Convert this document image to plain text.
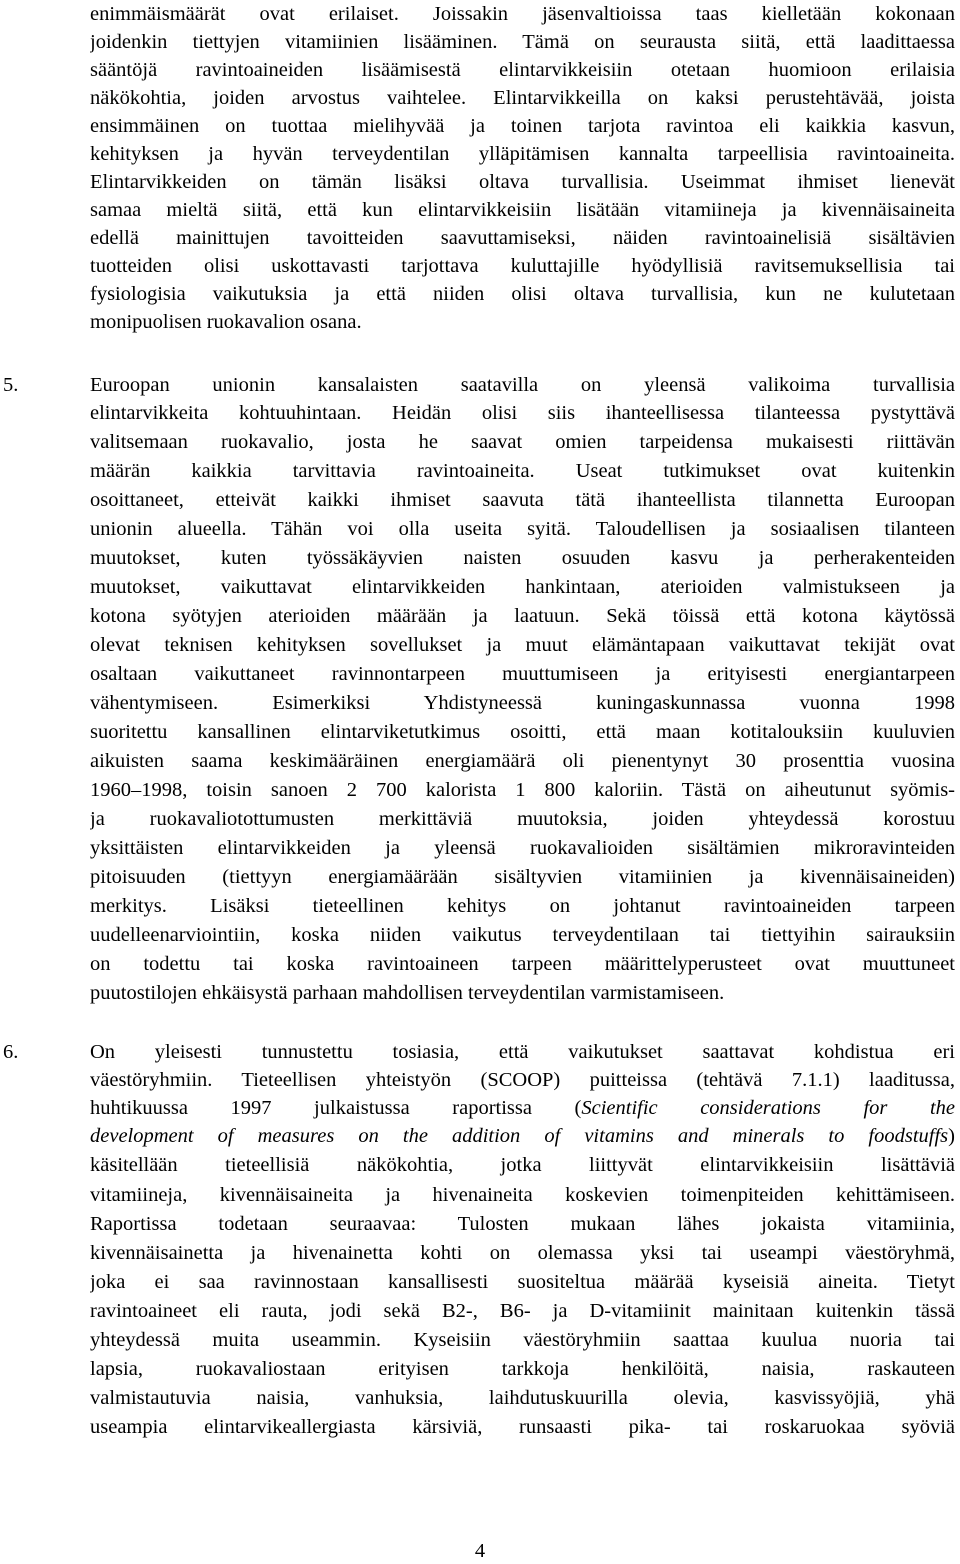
enimmäismäärät ovat erilaiset. Joissakin jäsenvaltioissa taas kielletään kokonaan

joidenkin tiettyjen vitamiinien lisääminen. Tämä on seurausta siitä, että laadittaessa

sääntöjä ravintoaineiden lisäämisestä elintarvikkeisiin otetaan huomioon erilaisia

näkökohtia, joiden arvostus vaihtelee. Elintarvikkeilla on kaksi perustehtävää, joista

ensimmäinen on tuottaa mielihyvää ja toinen tarjota ravintoa eli kaikkia kasvun,

kehityksen ja hyvän terveydentilan ylläpitämisen kannalta tarpeellisia ravintoaineita.

Elintarvikkeiden on tämän lisäksi oltava turvallisia. Useimmat ihmiset lienevät

samaa mieltä siitä, että kun elintarvikkeisiin lisätään vitamiineja ja kivennäisaineita

edellä mainittujen tavoitteiden saavuttamiseksi, näiden ravintoainelisiä sisältävien

tuotteiden olisi uskottavasti tarjottava kuluttajille hyödyllisiä ravitsemuksellisia tai

fysiologisia vaikutuksia ja että niiden olisi oltava turvallisia, kun ne kulutetaan

monipuolisen ruokavalion osana.

5.	Euroopan unionin kansalaisten saatavilla on yleensä valikoima turvallisia

elintarvikkeita kohtuuhintaan. Heidän olisi siis ihanteellisessa tilanteessa pystyttävä

valitsemaan ruokavalio, josta he saavat omien tarpeidensa mukaisesti riittävän

määrän kaikkia tarvittavia ravintoaineita. Useat tutkimukset ovat kuitenkin

osoittaneet, etteivät kaikki ihmiset saavuta tätä ihanteellista tilannetta Euroopan

unionin alueella. Tähän voi olla useita syitä. Taloudellisen ja sosiaalisen tilanteen

muutokset, kuten työssäkäyvien naisten osuuden kasvu ja perherakenteiden

muutokset, vaikuttavat elintarvikkeiden hankintaan, aterioiden valmistukseen ja

kotona syötyjen aterioiden määrään ja laatuun. Sekä töissä että kotona käytössä

olevat teknisen kehityksen sovellukset ja muut elämäntapaan vaikuttavat tekijät ovat

osaltaan vaikuttaneet ravinnontarpeen muuttumiseen ja erityisesti energiantarpeen

vähentymiseen. Esimerkiksi Yhdistyneessä kuningaskunnassa vuonna 1998

suoritettu kansallinen elintarviketutkimus osoitti, että maan kotitalouksiin kuuluvien

aikuisten saama keskimääräinen energiamäärä oli pienentynyt 30 prosenttia vuosina

1960–1998, toisin sanoen 2 700 kalorista 1 800 kaloriin. Tästä on aiheutunut syömis-

ja ruokavaliotottumusten merkittäviä muutoksia, joiden yhteydessä korostuu

yksittäisten elintarvikkeiden ja yleensä ruokavalioiden sisältämien mikroravinteiden

pitoisuuden (tiettyyn energiamäärään sisältyvien vitamiinien ja kivennäisaineiden)

merkitys. Lisäksi tieteellinen kehitys on johtanut ravintoaineiden tarpeen

uudelleenarviointiin, koska niiden vaikutus terveydentilaan tai tiettyihin sairauksiin

on todettu tai koska ravintoaineen tarpeen määrittelyperusteet ovat muuttuneet

puutostilojen ehkäisystä parhaan mahdollisen terveydentilan varmistamiseen.

6.	On yleisesti tunnustettu tosiasia, että vaikutukset saattavat kohdistua eri

väestöryhmiin. Tieteellisen yhteistyön (SCOOP) puitteissa (tehtävä 7.1.1) laaditussa,

huhtikuussa 1997 julkaistussa raportissa (Scientific considerations for the

development of measures on the addition of vitamins and minerals to foodstuffs)

käsitellään tieteellisiä näkökohtia, jotka liittyvät elintarvikkeisiin lisättäviä

vitamiineja, kivennäisaineita ja hivenaineita koskevien toimenpiteiden kehittämiseen.

Raportissa todetaan seuraavaa: Tulosten mukaan lähes jokaista vitamiinia,

kivennäisainetta ja hivenainetta kohti on olemassa yksi tai useampi väestöryhmä,

joka ei saa ravinnostaan kansallisesti suositeltua määrää kyseisiä aineita. Tietyt

ravintoaineet eli rauta, jodi sekä B2-, B6- ja D-vitamiinit mainitaan kuitenkin tässä

yhteydessä muita useammin. Kyseisiin väestöryhmiin saattaa kuulua nuoria tai

lapsia, ruokavaliostaan erityisen tarkkoja henkilöitä, naisia, raskauteen

valmistautuvia naisia, vanhuksia, laihdutuskuurilla olevia, kasvissyöjiä, yhä

useampia elintarvikeallergiasta kärsiviä, runsaasti pika- tai roskaruokaa syöviä

4
